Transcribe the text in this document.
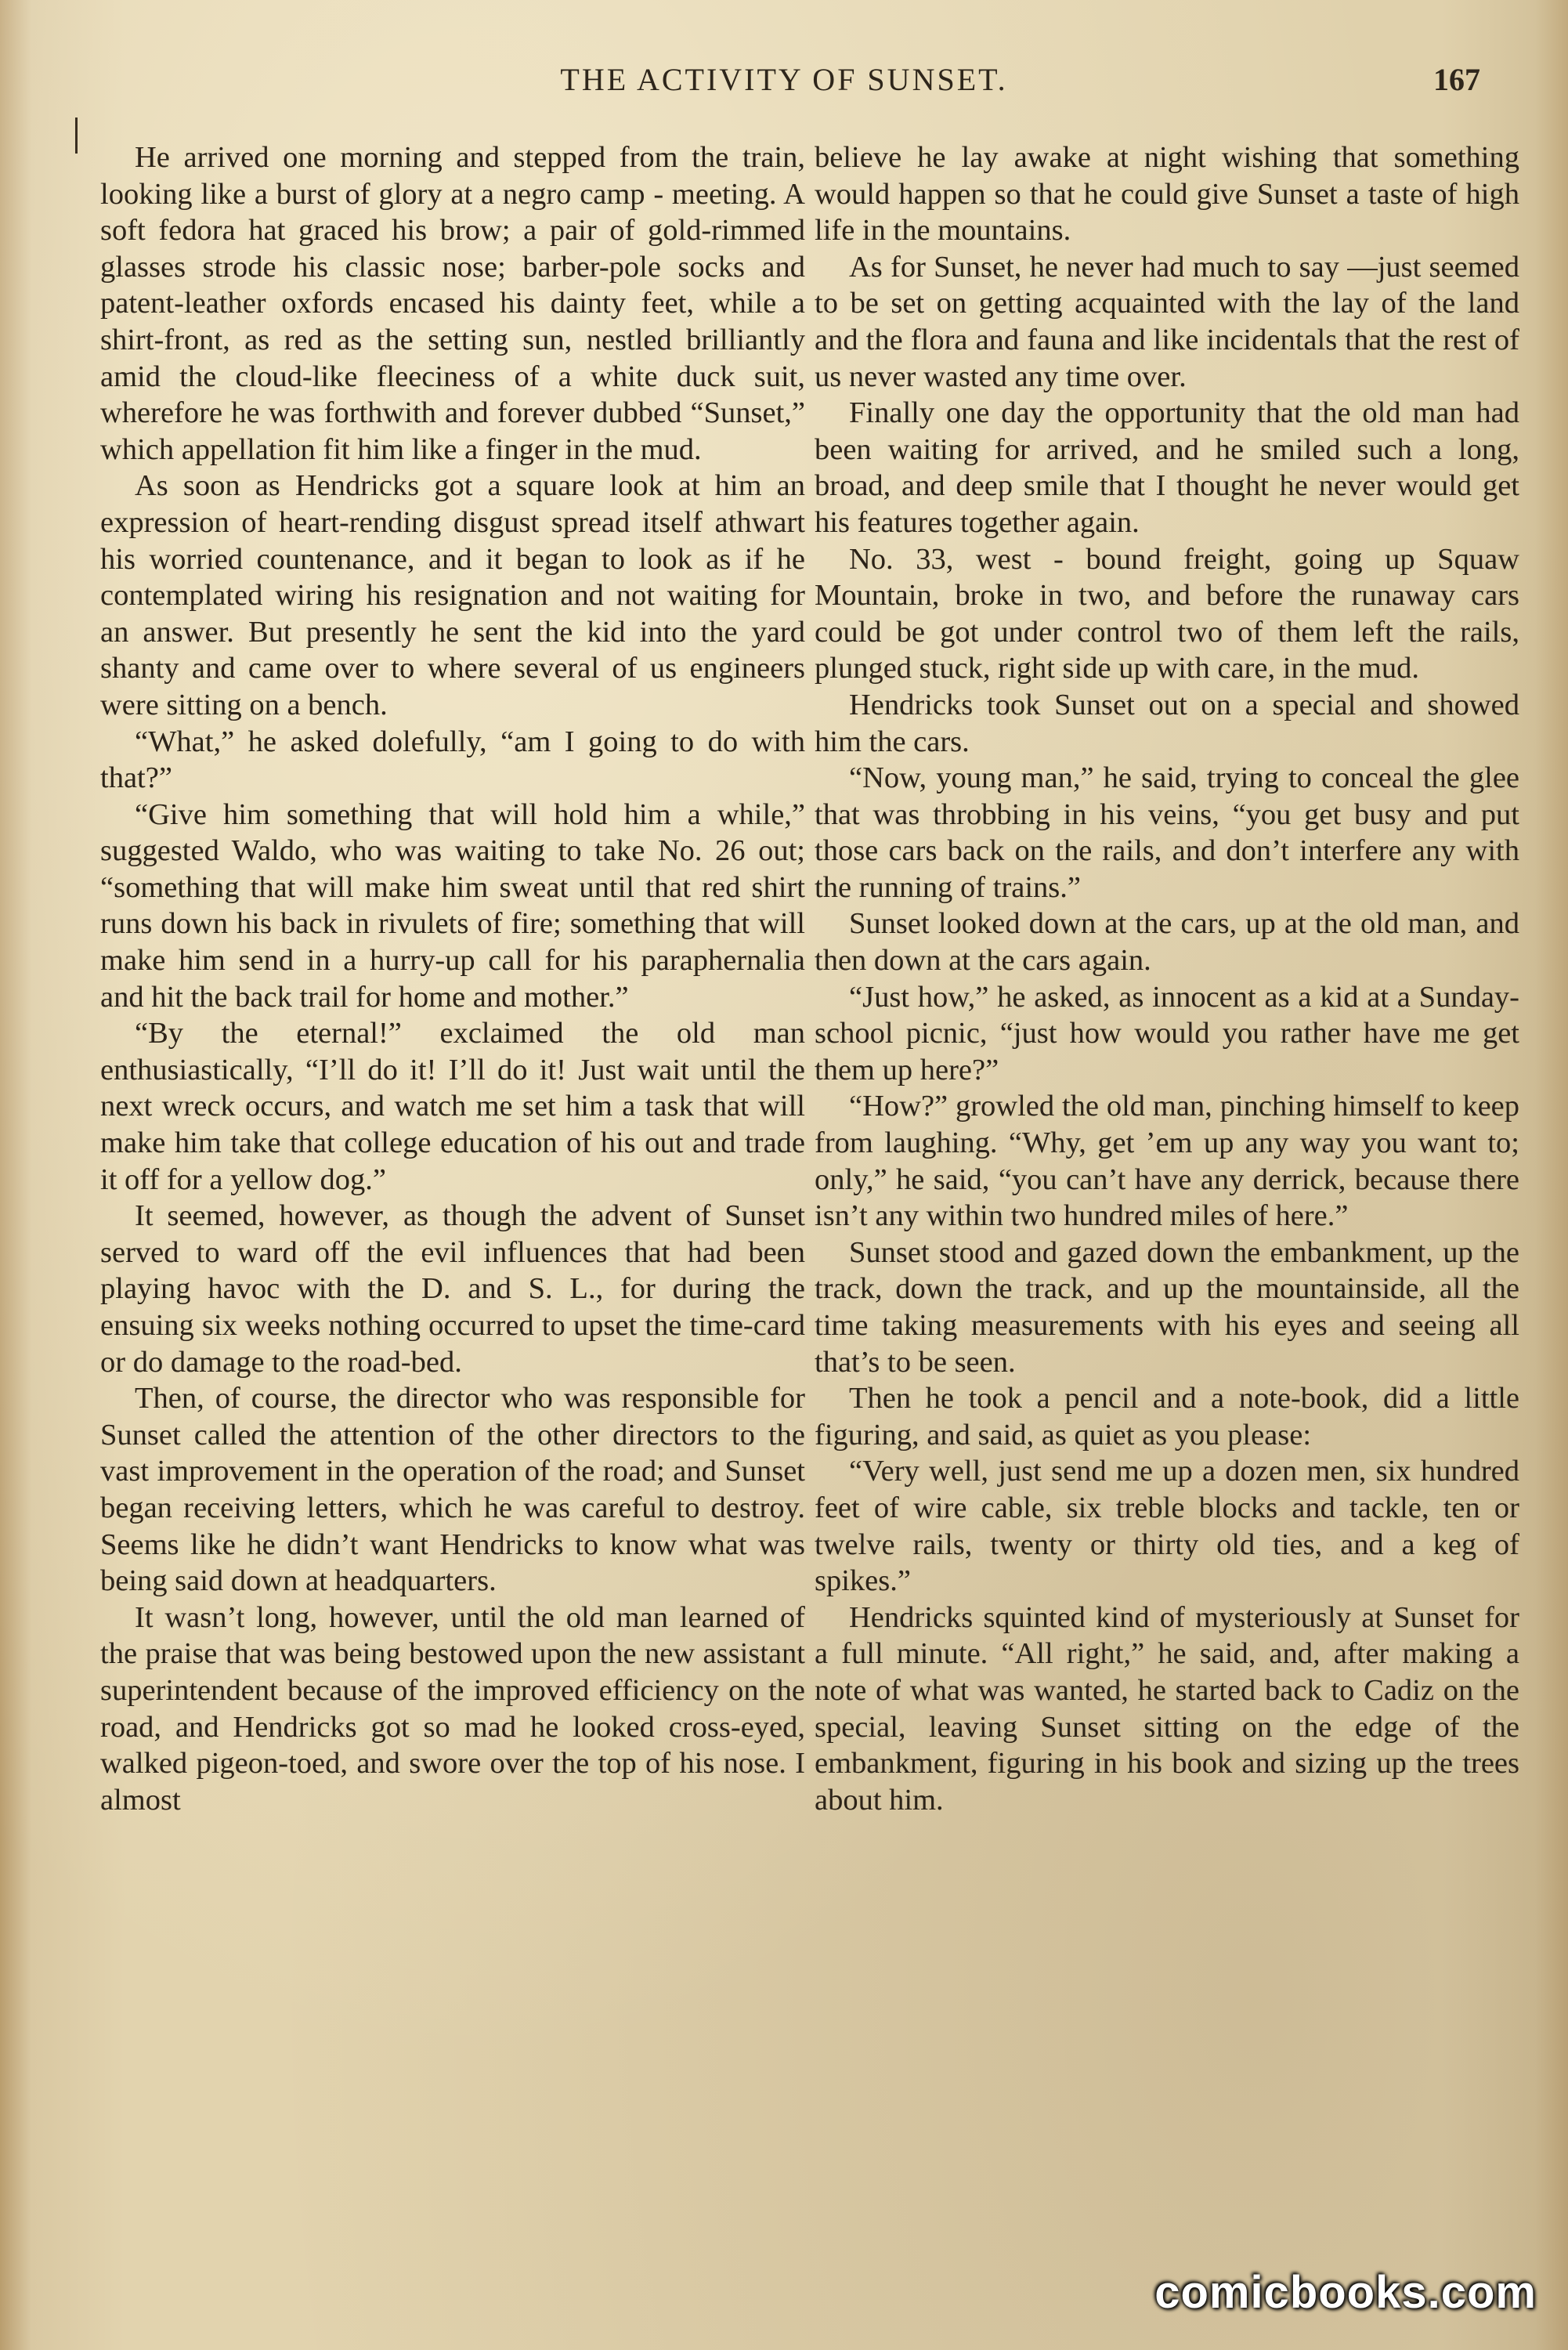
THE ACTIVITY OF SUNSET.	167

He arrived one morning and stepped from the train, looking like a burst of glory at a negro camp - meeting. A soft fedora hat graced his brow; a pair of gold-rimmed glasses strode his classic nose; barber-pole socks and patent-leather oxfords encased his dainty feet, while a shirt-front, as red as the setting sun, nestled brilliantly amid the cloud-like fleeciness of a white duck suit, wherefore he was forthwith and forever dubbed “Sunset,” which appellation fit him like a finger in the mud.

As soon as Hendricks got a square look at him an expression of heart-rending disgust spread itself athwart his worried countenance, and it began to look as if he contemplated wiring his resignation and not waiting for an answer. But presently he sent the kid into the yard shanty and came over to where several of us engineers were sitting on a bench.

“What,” he asked dolefully, “am I going to do with that?”

“Give him something that will hold him a while,” suggested Waldo, who was waiting to take No. 26 out; “something that will make him sweat until that red shirt runs down his back in rivulets of fire; something that will make him send in a hurry-up call for his paraphernalia and hit the back trail for home and mother.”

“By the eternal!” exclaimed the old man enthusiastically, “I’ll do it! I’ll do it! Just wait until the next wreck occurs, and watch me set him a task that will make him take that college education of his out and trade it off for a yellow dog.”

It seemed, however, as though the advent of Sunset served to ward off the evil influences that had been playing havoc with the D. and S. L., for during the ensuing six weeks nothing occurred to upset the time-card or do damage to the road-bed.

Then, of course, the director who was responsible for Sunset called the attention of the other directors to the vast improvement in the operation of the road; and Sunset began receiving letters, which he was careful to destroy. Seems like he didn’t want Hendricks to know what was being said down at headquarters.

It wasn’t long, however, until the old man learned of the praise that was being bestowed upon the new assistant superintendent because of the improved efficiency on the road, and Hendricks got so mad he looked cross-eyed, walked pigeon-toed, and swore over the top of his nose. I almost

believe he lay awake at night wishing that something would happen so that he could give Sunset a taste of high life in the mountains.

As for Sunset, he never had much to say —just seemed to be set on getting acquainted with the lay of the land and the flora and fauna and like incidentals that the rest of us never wasted any time over.

Finally one day the opportunity that the old man had been waiting for arrived, and he smiled such a long, broad, and deep smile that I thought he never would get his features together again.

No. 33, west - bound freight, going up Squaw Mountain, broke in two, and before the runaway cars could be got under control two of them left the rails, plunged stuck, right side up with care, in the mud.

Hendricks took Sunset out on a special and showed him the cars.

“Now, young man,” he said, trying to conceal the glee that was throbbing in his veins, “you get busy and put those cars back on the rails, and don’t interfere any with the running of trains.”

Sunset looked down at the cars, up at the old man, and then down at the cars again.

“Just how,” he asked, as innocent as a kid at a Sunday-school picnic, “just how would you rather have me get them up here?”

“How?” growled the old man, pinching himself to keep from laughing. “Why, get ’em up any way you want to; only,” he said, “you can’t have any derrick, because there isn’t any within two hundred miles of here.”

Sunset stood and gazed down the embankment, up the track, down the track, and up the mountainside, all the time taking measurements with his eyes and seeing all that’s to be seen.

Then he took a pencil and a note-book, did a little figuring, and said, as quiet as you please:

“Very well, just send me up a dozen men, six hundred feet of wire cable, six treble blocks and tackle, ten or twelve rails, twenty or thirty old ties, and a keg of spikes.”

Hendricks squinted kind of mysteriously at Sunset for a full minute. “All right,” he said, and, after making a note of what was wanted, he started back to Cadiz on the special, leaving Sunset sitting on the edge of the embankment, figuring in his book and sizing up the trees about him.

comicbooks.com
